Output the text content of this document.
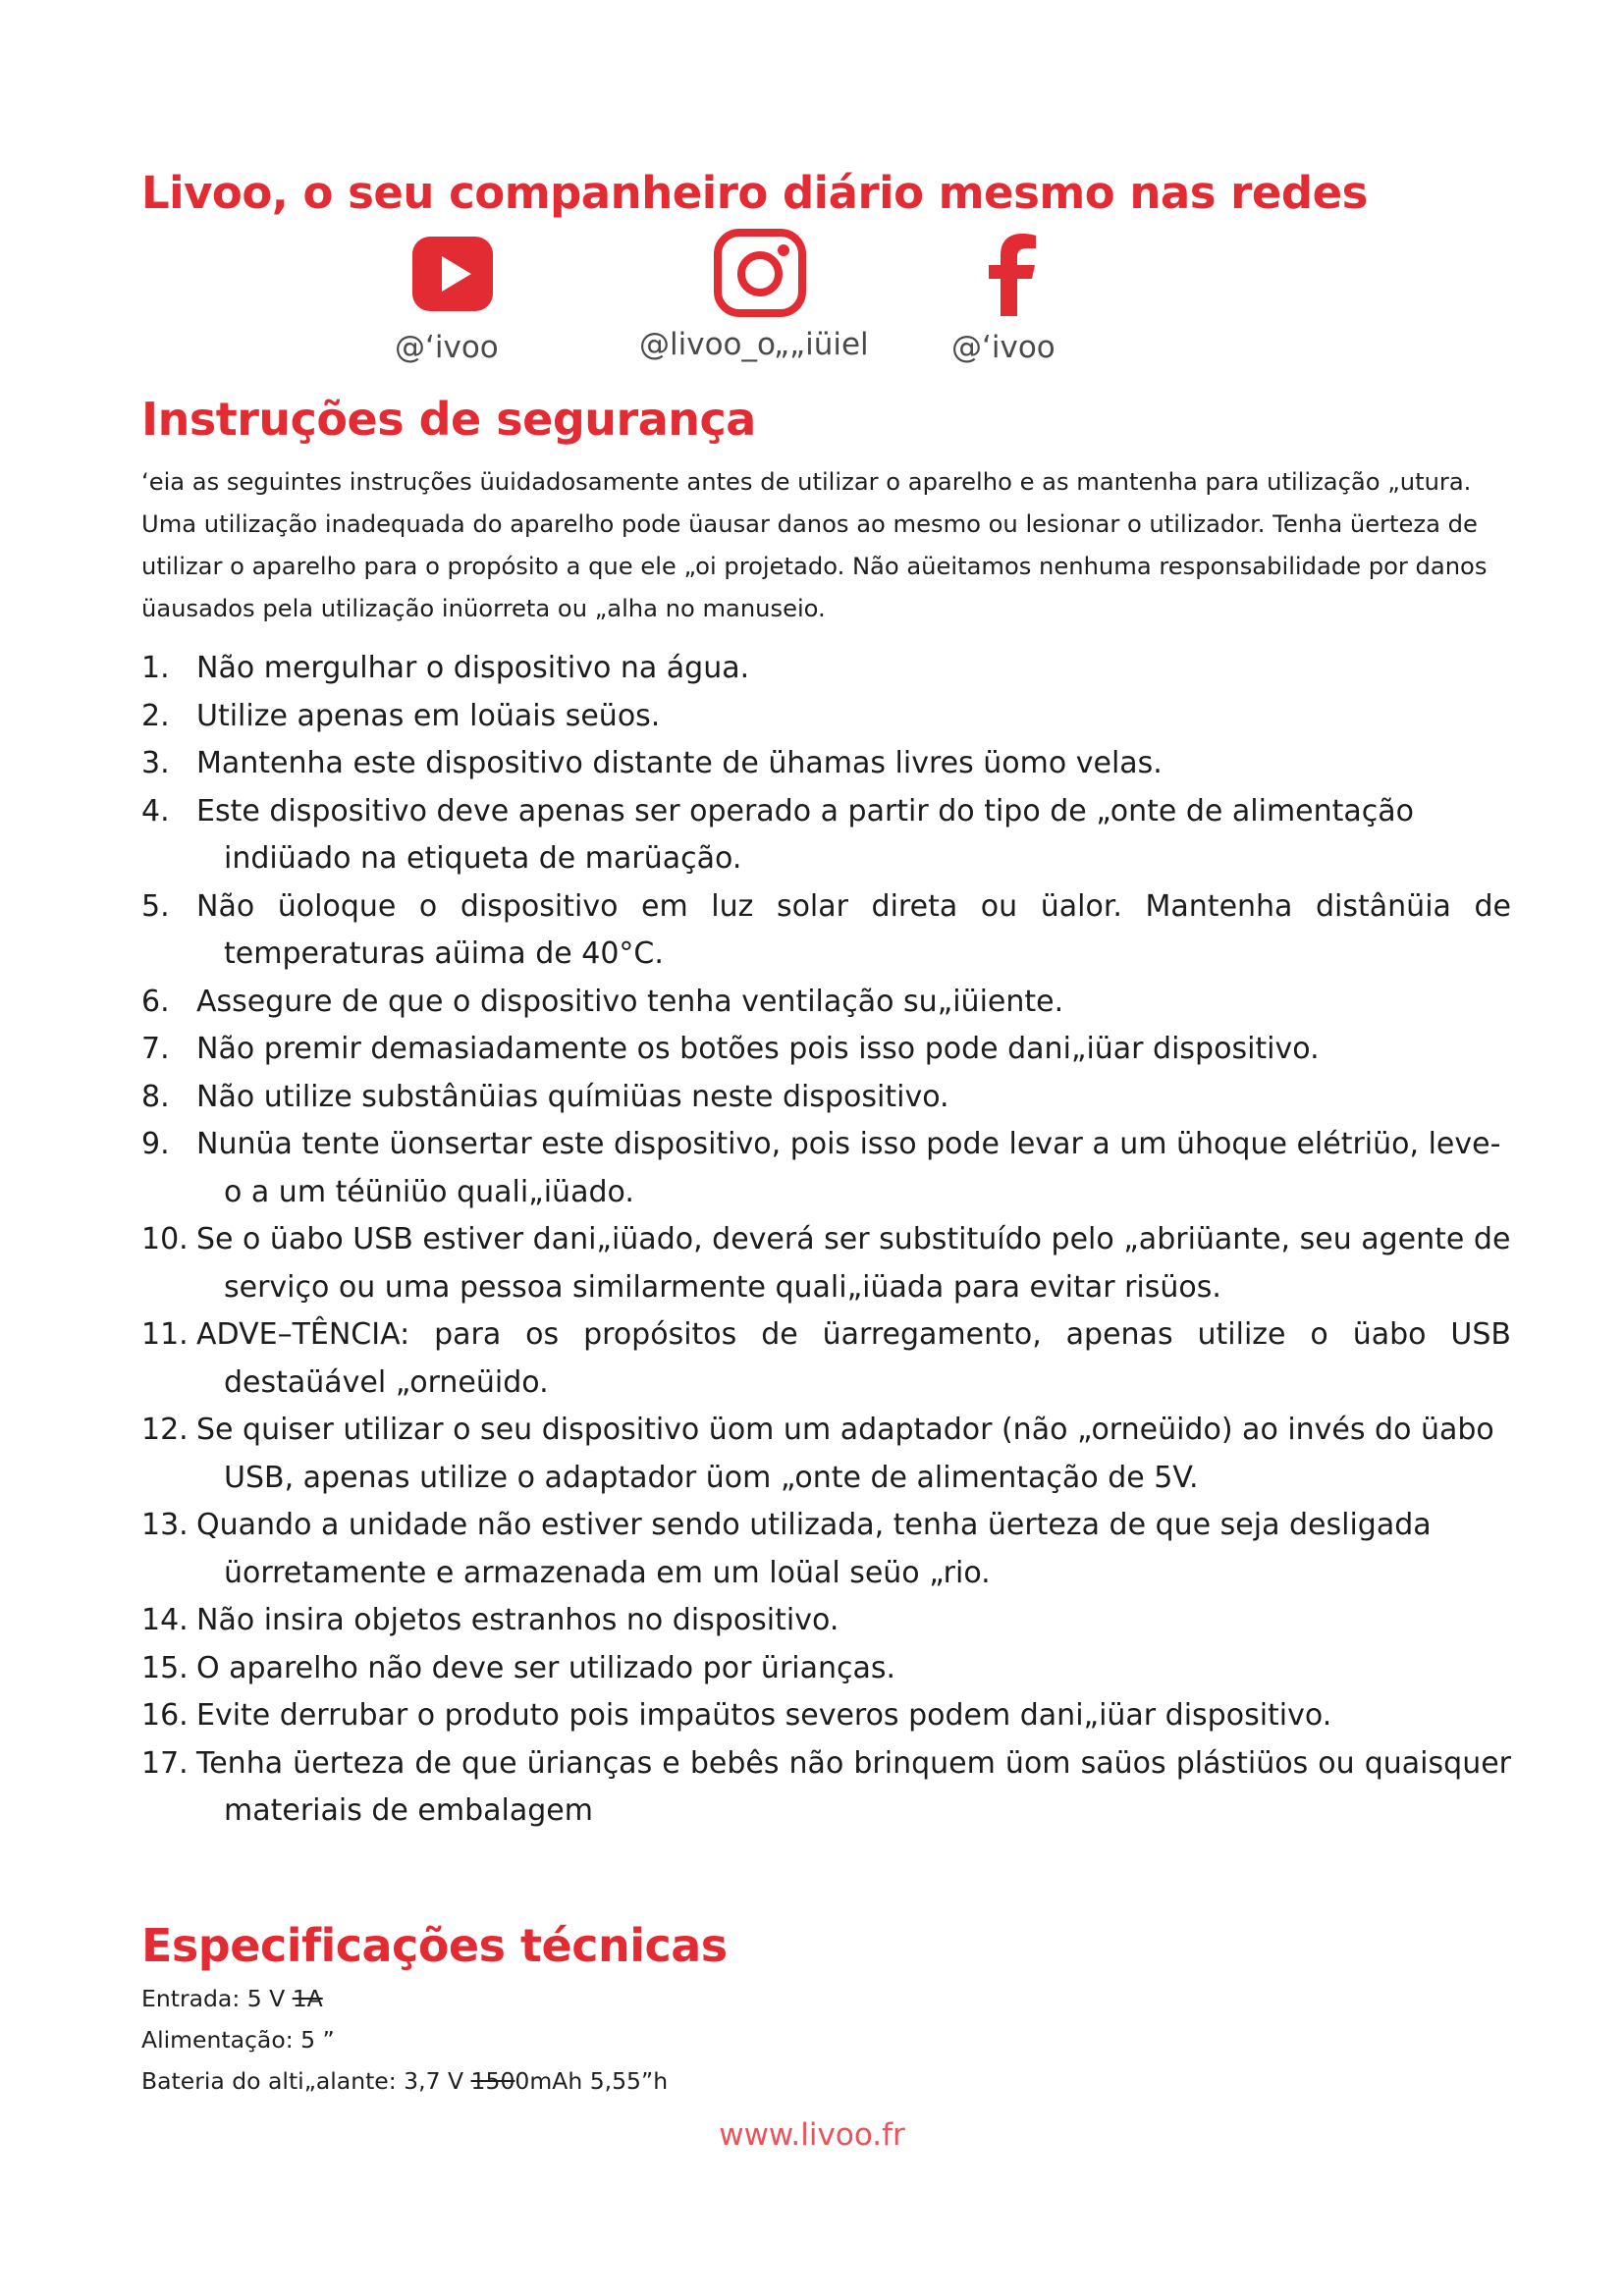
Livoo, o seu companheiro diário mesmo nas redes
@‘ivoo	@livoo_o„„iüiel	@‘ivoo
Instruções de segurança

‘eia as seguintes instruções üuidadosamente antes de utilizar o aparelho e as mantenha para utilização „utura. Uma utilização inadequada do aparelho pode üausar danos ao mesmo ou lesionar o utilizador. Tenha üerteza de utilizar o aparelho para o propósito a que ele „oi projetado. Não aüeitamos nenhuma responsabilidade por danos üausados pela utilização inüorreta ou „alha no manuseio.

1. Não mergulhar o dispositivo na água.
2. Utilize apenas em loüais seüos.
3. Mantenha este dispositivo distante de ühamas livres üomo velas.
4. Este dispositivo deve apenas ser operado a partir do tipo de „onte de alimentação indiüado na etiqueta de marüação.
5. Não üoloque o dispositivo em luz solar direta ou üalor. Mantenha distânüia de temperaturas aüima de 40°C.
6. Assegure de que o dispositivo tenha ventilação su„iüiente.
7. Não premir demasiadamente os botões pois isso pode dani„iüar dispositivo.
8. Não utilize substânüias químiüas neste dispositivo.
9. Nunüa tente üonsertar este dispositivo, pois isso pode levar a um ühoque elétriüo, leve-o a um téüniüo quali„iüado.
10. Se o üabo USB estiver dani„iüado, deverá ser substituído pelo „abriüante, seu agente de serviço ou uma pessoa similarmente quali„iüada para evitar risüos.
11. ADVE–TÊNCIA: para os propósitos de üarregamento, apenas utilize o üabo USB destaüável „orneüido.
12. Se quiser utilizar o seu dispositivo üom um adaptador (não „orneüido) ao invés do üabo USB, apenas utilize o adaptador üom „onte de alimentação de 5V.
13. Quando a unidade não estiver sendo utilizada, tenha üerteza de que seja desligada üorretamente e armazenada em um loüal seüo „rio.
14. Não insira objetos estranhos no dispositivo.
15. O aparelho não deve ser utilizado por ürianças.
16. Evite derrubar o produto pois impaütos severos podem dani„iüar dispositivo.
17. Tenha üerteza de que ürianças e bebês não brinquem üom saüos plástiüos ou quaisquer materiais de embalagem
Especificações técnicas
Entrada: 5 V 1A
Alimentação: 5 ”
Bateria do alti„alante: 3,7 V 1500mAh 5,55”h
www.livoo.fr
